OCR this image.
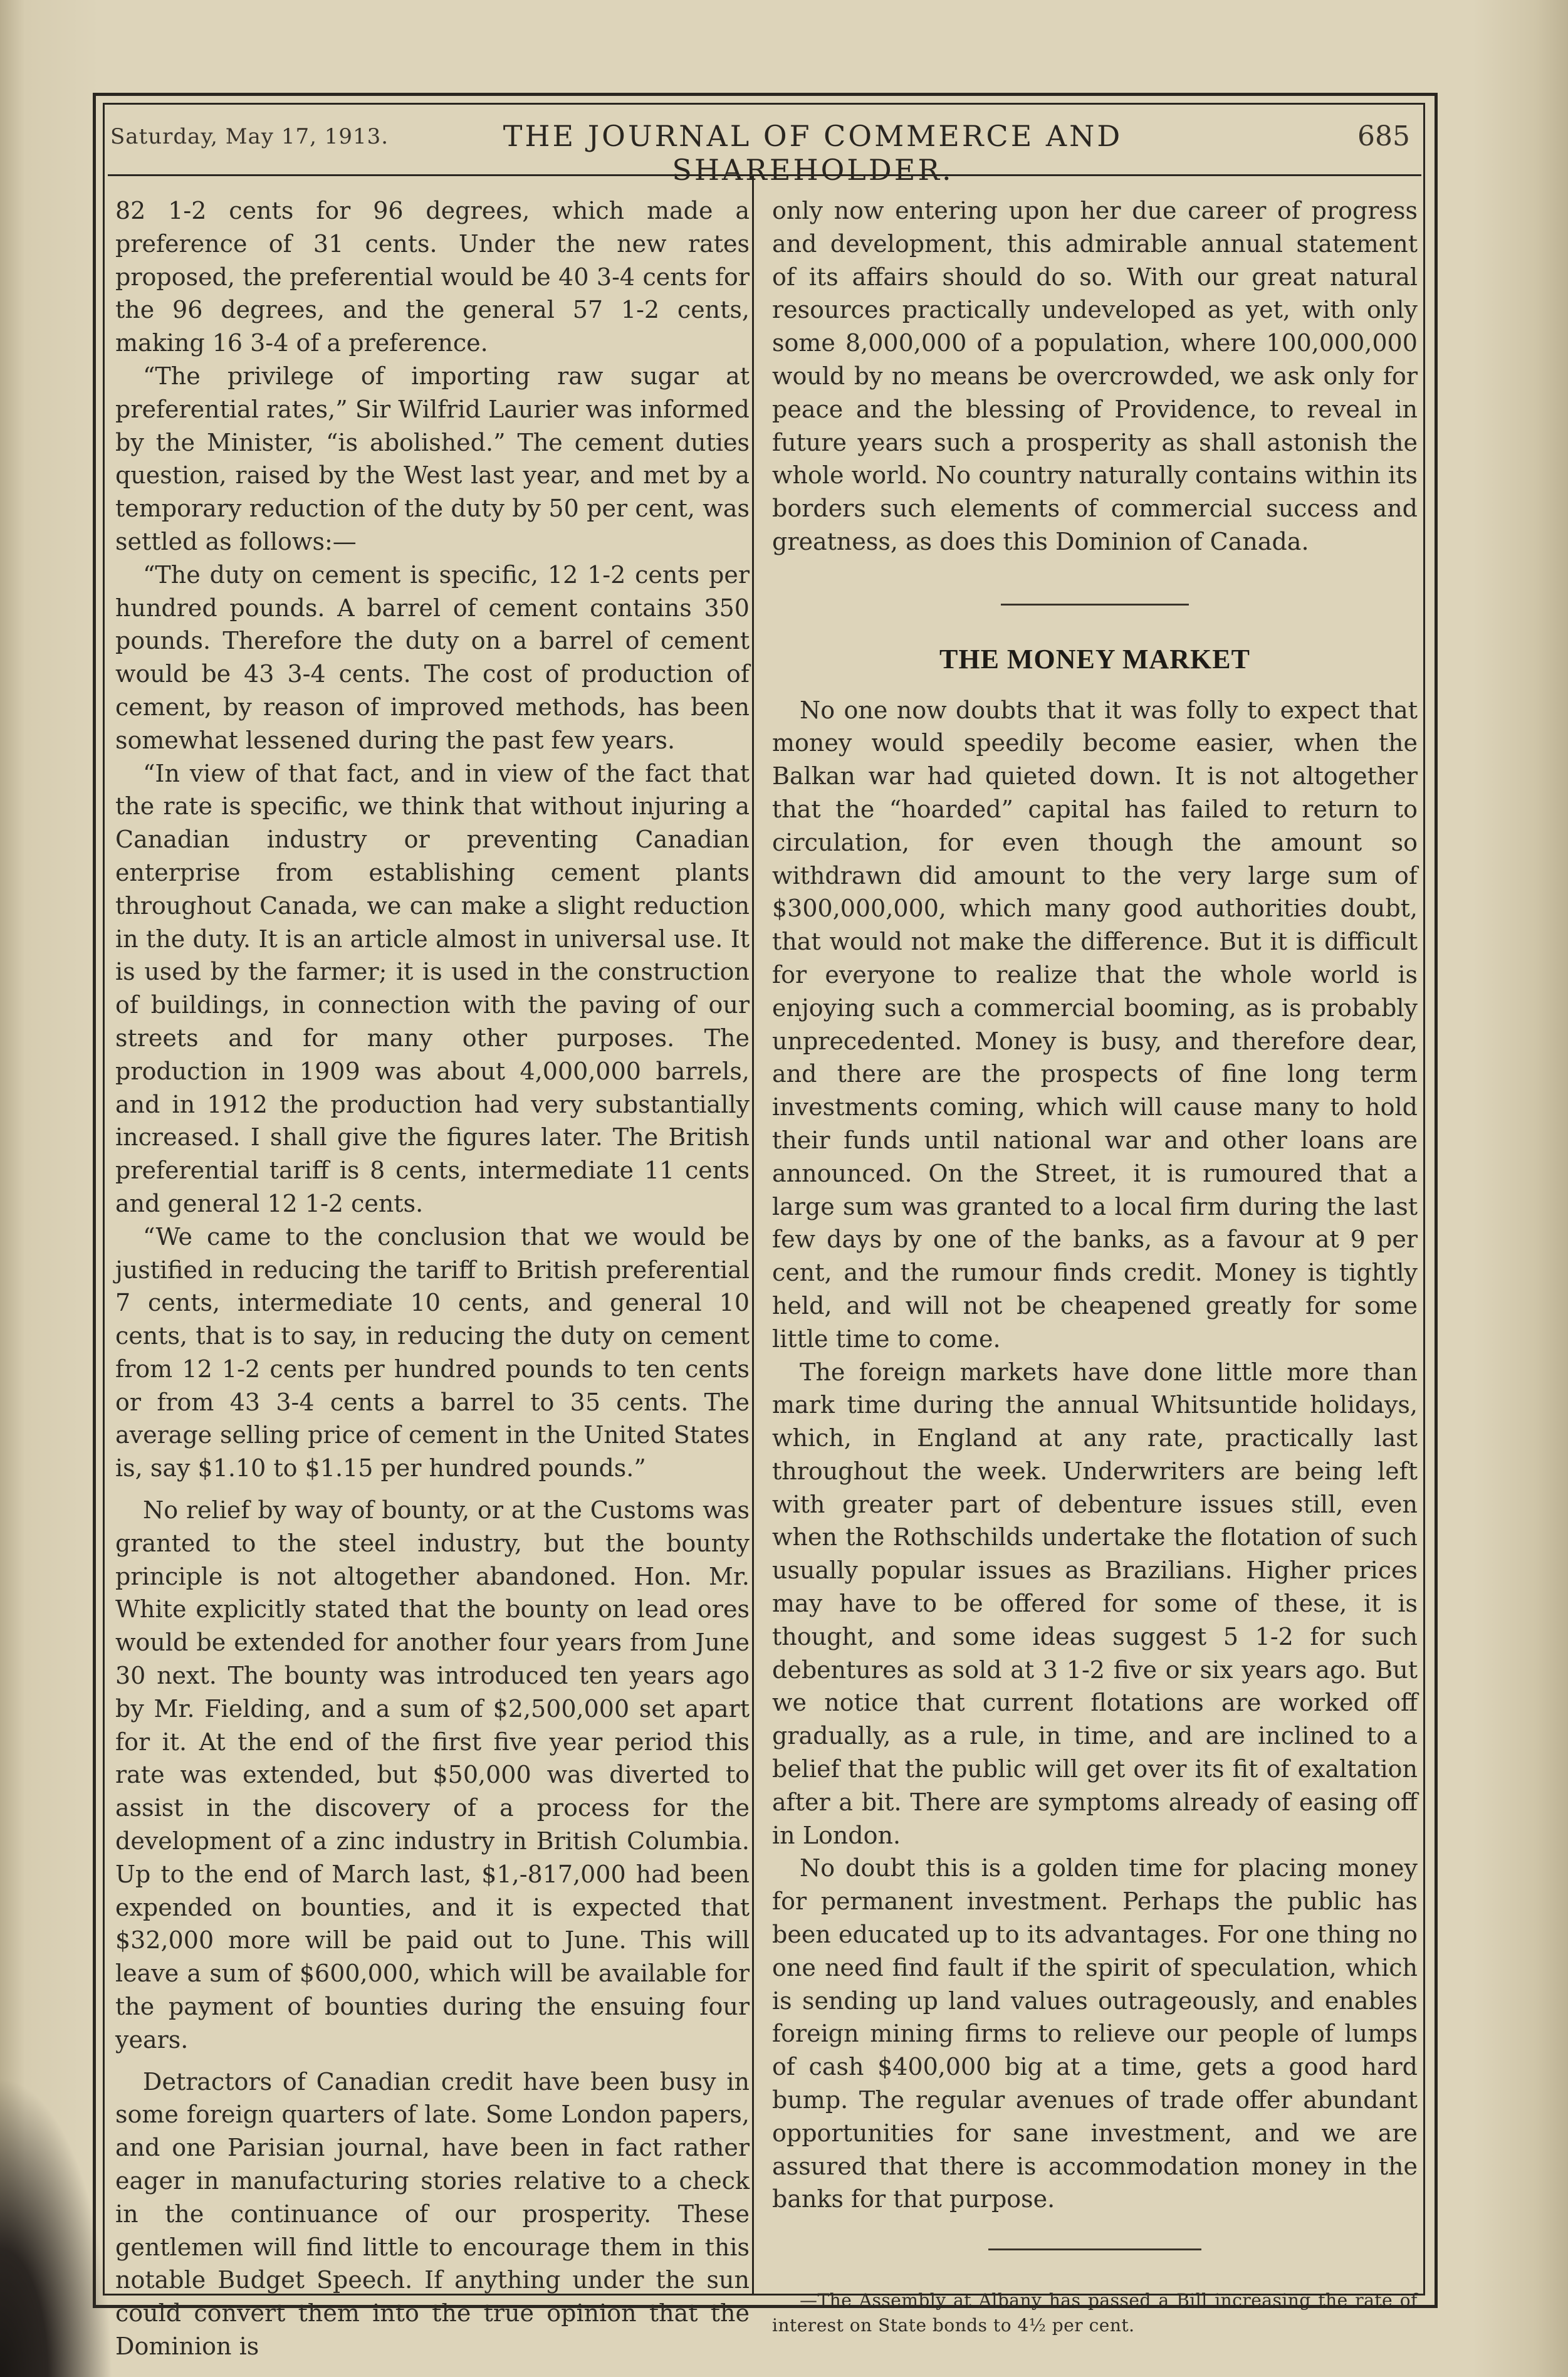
Saturday, May 17, 1913.	THE JOURNAL OF COMMERCE AND SHAREHOLDER.
685

82 1-2 cents for 96 degrees, which made a preference of 31 cents. Under the new rates proposed, the preferential would be 40 3-4 cents for the 96 degrees, and the general 57 1-2 cents, making 16 3-4 of a preference.

“The privilege of importing raw sugar at preferential rates,” Sir Wilfrid Laurier was informed by the Minister, “is abolished.” The cement duties question, raised by the West last year, and met by a temporary reduction of the duty by 50 per cent, was settled as follows:—

“The duty on cement is specific, 12 1-2 cents per hundred pounds. A barrel of cement contains 350 pounds. Therefore the duty on a barrel of cement would be 43 3-4 cents. The cost of production of cement, by reason of improved methods, has been somewhat lessened during the past few years.

“In view of that fact, and in view of the fact that the rate is specific, we think that without injuring a Canadian industry or preventing Canadian enterprise from establishing cement plants throughout Canada, we can make a slight reduction in the duty. It is an article almost in universal use. It is used by the farmer; it is used in the construction of buildings, in connection with the paving of our streets and for many other purposes. The production in 1909 was about 4,000,000 barrels, and in 1912 the production had very substantially increased. I shall give the figures later. The British preferential tariff is 8 cents, intermediate 11 cents and general 12 1-2 cents.

“We came to the conclusion that we would be justified in reducing the tariff to British preferential 7 cents, intermediate 10 cents, and general 10 cents, that is to say, in reducing the duty on cement from 12 1-2 cents per hundred pounds to ten cents or from 43 3-4 cents a barrel to 35 cents. The average selling price of cement in the United States is, say $1.10 to $1.15 per hundred pounds.”

No relief by way of bounty, or at the Customs was granted to the steel industry, but the bounty principle is not altogether abandoned. Hon. Mr. White explicitly stated that the bounty on lead ores would be extended for another four years from June 30 next. The bounty was introduced ten years ago by Mr. Fielding, and a sum of $2,500,000 set apart for it. At the end of the first five year period this rate was extended, but $50,000 was diverted to assist in the discovery of a process for the development of a zinc industry in British Columbia. Up to the end of March last, $1,-817,000 had been expended on bounties, and it is expected that $32,000 more will be paid out to June. This will leave a sum of $600,000, which will be available for the payment of bounties during the ensuing four years.

Detractors of Canadian credit have been busy in some foreign quarters of late. Some London papers, and one Parisian journal, have been in fact rather eager in manufacturing stories relative to a check in the continuance of our prosperity. These gentlemen will find little to encourage them in this notable Budget Speech. If anything under the sun could convert them into the true opinion that the Dominion is

only now entering upon her due career of progress and development, this admirable annual statement of its affairs should do so. With our great natural resources practically undeveloped as yet, with only some 8,000,000 of a population, where 100,000,000 would by no means be overcrowded, we ask only for peace and the blessing of Providence, to reveal in future years such a prosperity as shall astonish the whole world. No country naturally contains within its borders such elements of commercial success and greatness, as does this Dominion of Canada.

THE MONEY MARKET

No one now doubts that it was folly to expect that money would speedily become easier, when the Balkan war had quieted down. It is not altogether that the “hoarded” capital has failed to return to circulation, for even though the amount so withdrawn did amount to the very large sum of $300,000,000, which many good authorities doubt, that would not make the difference. But it is difficult for everyone to realize that the whole world is enjoying such a commercial booming, as is probably unprecedented. Money is busy, and therefore dear, and there are the prospects of fine long term investments coming, which will cause many to hold their funds until national war and other loans are announced. On the Street, it is rumoured that a large sum was granted to a local firm during the last few days by one of the banks, as a favour at 9 per cent, and the rumour finds credit. Money is tightly held, and will not be cheapened greatly for some little time to come.

The foreign markets have done little more than mark time during the annual Whitsuntide holidays, which, in England at any rate, practically last throughout the week. Underwriters are being left with greater part of debenture issues still, even when the Rothschilds undertake the flotation of such usually popular issues as Brazilians. Higher prices may have to be offered for some of these, it is thought, and some ideas suggest 5 1-2 for such debentures as sold at 3 1-2 five or six years ago. But we notice that current flotations are worked off gradually, as a rule, in time, and are inclined to a belief that the public will get over its fit of exaltation after a bit. There are symptoms already of easing off in London.

No doubt this is a golden time for placing money for permanent investment. Perhaps the public has been educated up to its advantages. For one thing no one need find fault if the spirit of speculation, which is sending up land values outrageously, and enables foreign mining firms to relieve our people of lumps of cash $400,000 big at a time, gets a good hard bump. The regular avenues of trade offer abundant opportunities for sane investment, and we are assured that there is accommodation money in the banks for that purpose.

—The Assembly at Albany has passed a Bill increasing the rate of interest on State bonds to 4½ per cent.
